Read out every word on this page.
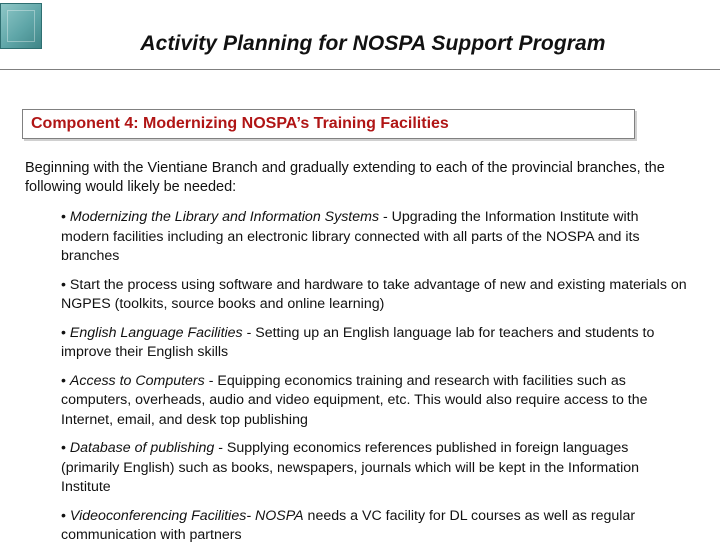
Activity Planning for NOSPA Support Program

Component 4: Modernizing NOSPA’s Training Facilities

Beginning with the Vientiane Branch and gradually extending to each of the provincial branches, the following would likely be needed:

• Modernizing the Library and Information Systems - Upgrading the Information Institute with modern facilities including an electronic library connected with all parts of the NOSPA and its branches
• Start the process using software and hardware to take advantage of new and existing materials on NGPES (toolkits, source books and online learning)
• English Language Facilities - Setting up an English language lab for teachers and students to improve their English skills
• Access to Computers - Equipping economics training and research with facilities such as computers, overheads, audio and video equipment, etc. This would also require access to the Internet, email, and desk top publishing
• Database of publishing - Supplying economics references published in foreign languages (primarily English) such as books, newspapers, journals which will be kept in the Information Institute
• Videoconferencing Facilities- NOSPA needs a VC facility for DL courses as well as regular communication with partners
